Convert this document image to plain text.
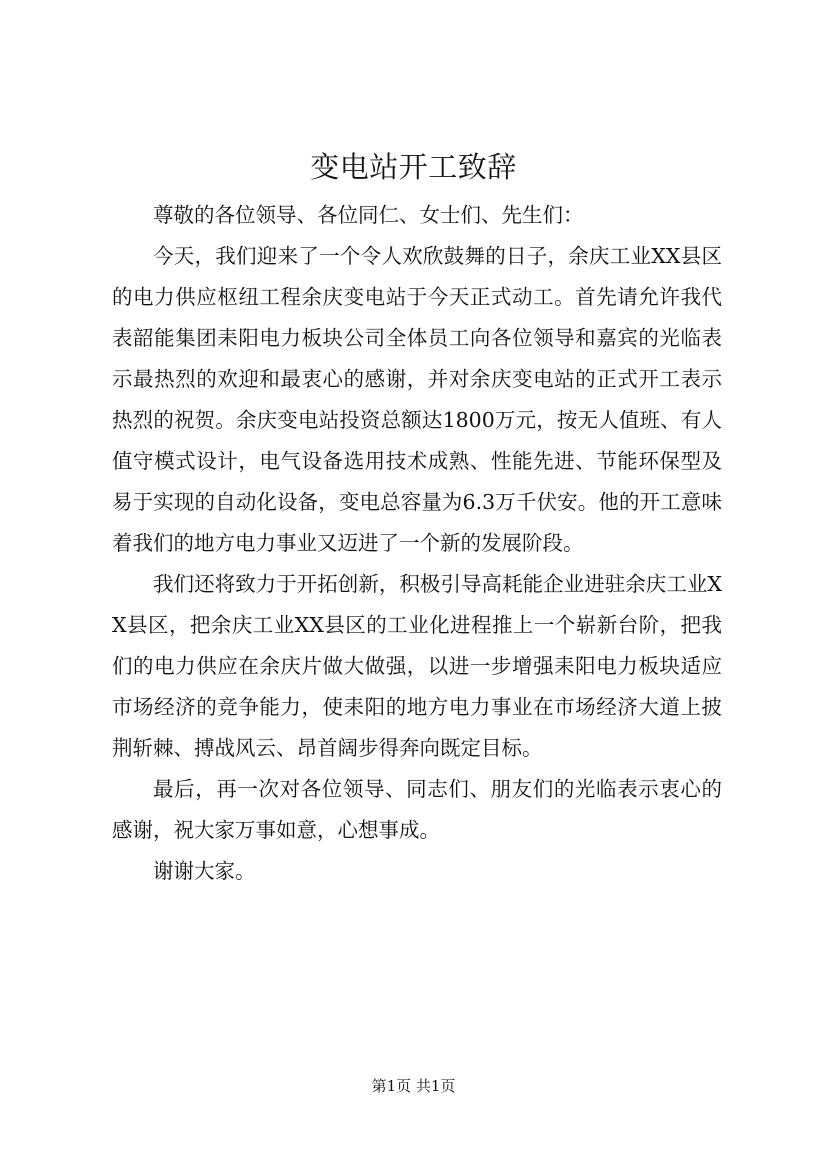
变电站开工致辞

尊敬的各位领导、各位同仁、女士们、先生们：

今天，我们迎来了一个令人欢欣鼓舞的日子，余庆工业XX县区的电力供应枢纽工程余庆变电站于今天正式动工。首先请允许我代表韶能集团耒阳电力板块公司全体员工向各位领导和嘉宾的光临表示最热烈的欢迎和最衷心的感谢，并对余庆变电站的正式开工表示热烈的祝贺。余庆变电站投资总额达1800万元，按无人值班、有人值守模式设计，电气设备选用技术成熟、性能先进、节能环保型及易于实现的自动化设备，变电总容量为6.3万千伏安。他的开工意味着我们的地方电力事业又迈进了一个新的发展阶段。

我们还将致力于开拓创新，积极引导高耗能企业进驻余庆工业XX县区，把余庆工业XX县区的工业化进程推上一个崭新台阶，把我们的电力供应在余庆片做大做强，以进一步增强耒阳电力板块适应市场经济的竞争能力，使耒阳的地方电力事业在市场经济大道上披荆斩棘、搏战风云、昂首阔步得奔向既定目标。

最后，再一次对各位领导、同志们、朋友们的光临表示衷心的感谢，祝大家万事如意，心想事成。

谢谢大家。

第1页 共1页
